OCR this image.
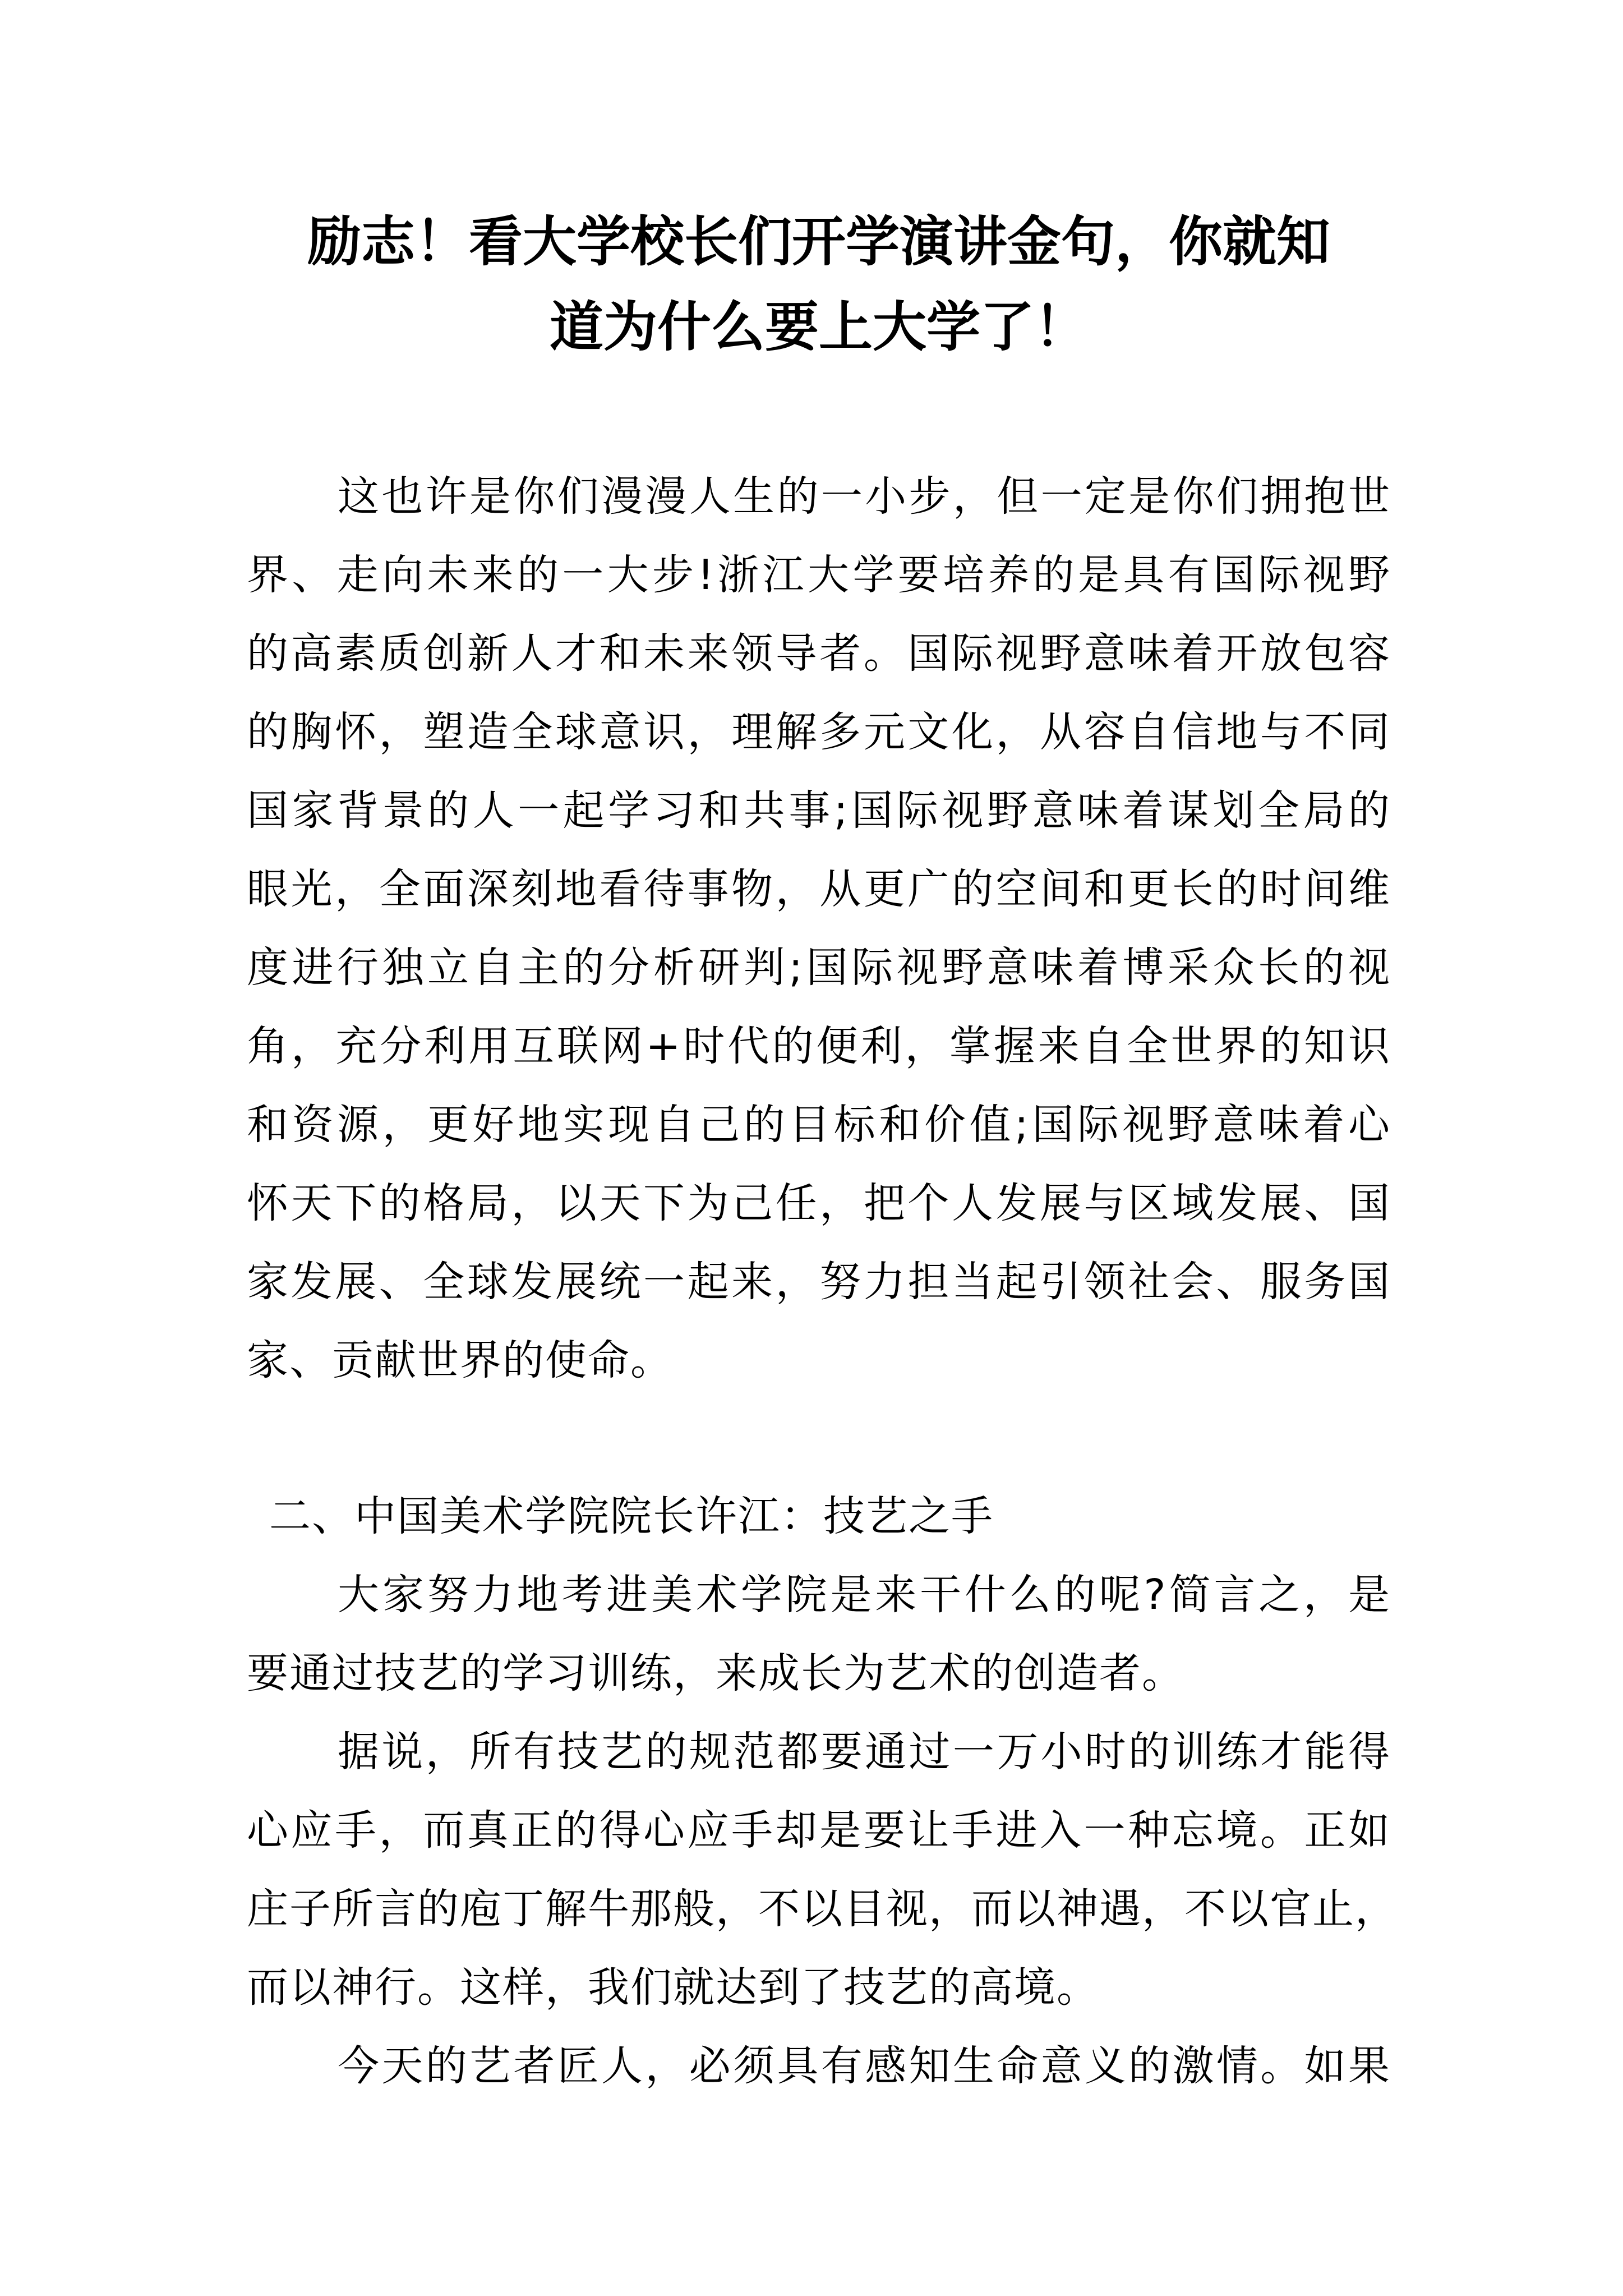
励志！看大学校长们开学演讲金句，你就知
道为什么要上大学了！
这也许是你们漫漫人生的一小步，但一定是你们拥抱世
界、走向未来的一大步!浙江大学要培养的是具有国际视野
的高素质创新人才和未来领导者。国际视野意味着开放包容
的胸怀，塑造全球意识，理解多元文化，从容自信地与不同
国家背景的人一起学习和共事;国际视野意味着谋划全局的
眼光，全面深刻地看待事物，从更广的空间和更长的时间维
度进行独立自主的分析研判;国际视野意味着博采众长的视
角，充分利用互联网+时代的便利，掌握来自全世界的知识
和资源，更好地实现自己的目标和价值;国际视野意味着心
怀天下的格局，以天下为己任，把个人发展与区域发展、国
家发展、全球发展统一起来，努力担当起引领社会、服务国
家、贡献世界的使命。
二、中国美术学院院长许江：技艺之手
大家努力地考进美术学院是来干什么的呢?简言之，是
要通过技艺的学习训练，来成长为艺术的创造者。
据说，所有技艺的规范都要通过一万小时的训练才能得
心应手，而真正的得心应手却是要让手进入一种忘境。正如
庄子所言的庖丁解牛那般，不以目视，而以神遇，不以官止，
而以神行。这样，我们就达到了技艺的高境。
今天的艺者匠人，必须具有感知生命意义的激情。如果
